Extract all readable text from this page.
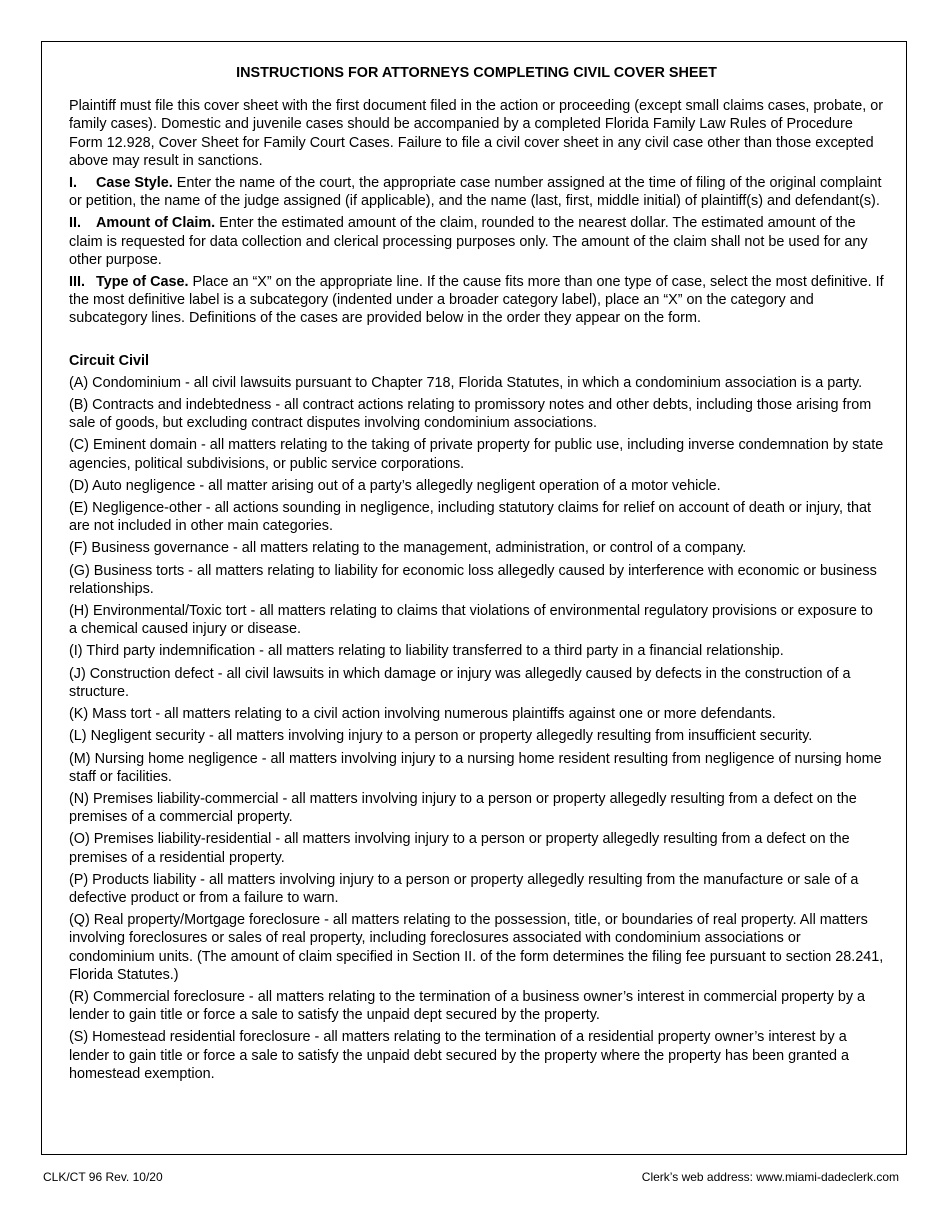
INSTRUCTIONS FOR ATTORNEYS COMPLETING CIVIL COVER SHEET

Plaintiff must file this cover sheet with the first document filed in the action or proceeding (except small claims cases, probate, or family cases). Domestic and juvenile cases should be accompanied by a completed Florida Family Law Rules of Procedure Form 12.928, Cover Sheet for Family Court Cases. Failure to file a civil cover sheet in any civil case other than those excepted above may result in sanctions.

I. Case Style. Enter the name of the court, the appropriate case number assigned at the time of filing of the original complaint or petition, the name of the judge assigned (if applicable), and the name (last, first, middle initial) of plaintiff(s) and defendant(s).

II. Amount of Claim. Enter the estimated amount of the claim, rounded to the nearest dollar. The estimated amount of the claim is requested for data collection and clerical processing purposes only. The amount of the claim shall not be used for any other purpose.

III. Type of Case. Place an “X” on the appropriate line. If the cause fits more than one type of case, select the most definitive. If the most definitive label is a subcategory (indented under a broader category label), place an “X” on the category and subcategory lines. Definitions of the cases are provided below in the order they appear on the form.

Circuit Civil

(A) Condominium - all civil lawsuits pursuant to Chapter 718, Florida Statutes, in which a condominium association is a party.

(B) Contracts and indebtedness - all contract actions relating to promissory notes and other debts, including those arising from sale of goods, but excluding contract disputes involving condominium associations.

(C) Eminent domain - all matters relating to the taking of private property for public use, including inverse condemnation by state agencies, political subdivisions, or public service corporations.

(D) Auto negligence - all matter arising out of a party’s allegedly negligent operation of a motor vehicle.

(E) Negligence-other - all actions sounding in negligence, including statutory claims for relief on account of death or injury, that are not included in other main categories.

(F) Business governance - all matters relating to the management, administration, or control of a company.

(G) Business torts - all matters relating to liability for economic loss allegedly caused by interference with economic or business relationships.

(H) Environmental/Toxic tort - all matters relating to claims that violations of environmental regulatory provisions or exposure to a chemical caused injury or disease.

(I) Third party indemnification - all matters relating to liability transferred to a third party in a financial relationship.

(J) Construction defect - all civil lawsuits in which damage or injury was allegedly caused by defects in the construction of a structure.

(K) Mass tort - all matters relating to a civil action involving numerous plaintiffs against one or more defendants.

(L) Negligent security - all matters involving injury to a person or property allegedly resulting from insufficient security.

(M) Nursing home negligence - all matters involving injury to a nursing home resident resulting from negligence of nursing home staff or facilities.

(N) Premises liability-commercial - all matters involving injury to a person or property allegedly resulting from a defect on the premises of a commercial property.

(O) Premises liability-residential - all matters involving injury to a person or property allegedly resulting from a defect on the premises of a residential property.

(P) Products liability - all matters involving injury to a person or property allegedly resulting from the manufacture or sale of a defective product or from a failure to warn.

(Q) Real property/Mortgage foreclosure - all matters relating to the possession, title, or boundaries of real property. All matters involving foreclosures or sales of real property, including foreclosures associated with condominium associations or condominium units. (The amount of claim specified in Section II. of the form determines the filing fee pursuant to section 28.241, Florida Statutes.)

(R) Commercial foreclosure - all matters relating to the termination of a business owner’s interest in commercial property by a lender to gain title or force a sale to satisfy the unpaid dept secured by the property.

(S) Homestead residential foreclosure - all matters relating to the termination of a residential property owner’s interest by a lender to gain title or force a sale to satisfy the unpaid debt secured by the property where the property has been granted a homestead exemption.

CLK/CT 96 Rev. 10/20	Clerk’s web address: www.miami-dadeclerk.com
